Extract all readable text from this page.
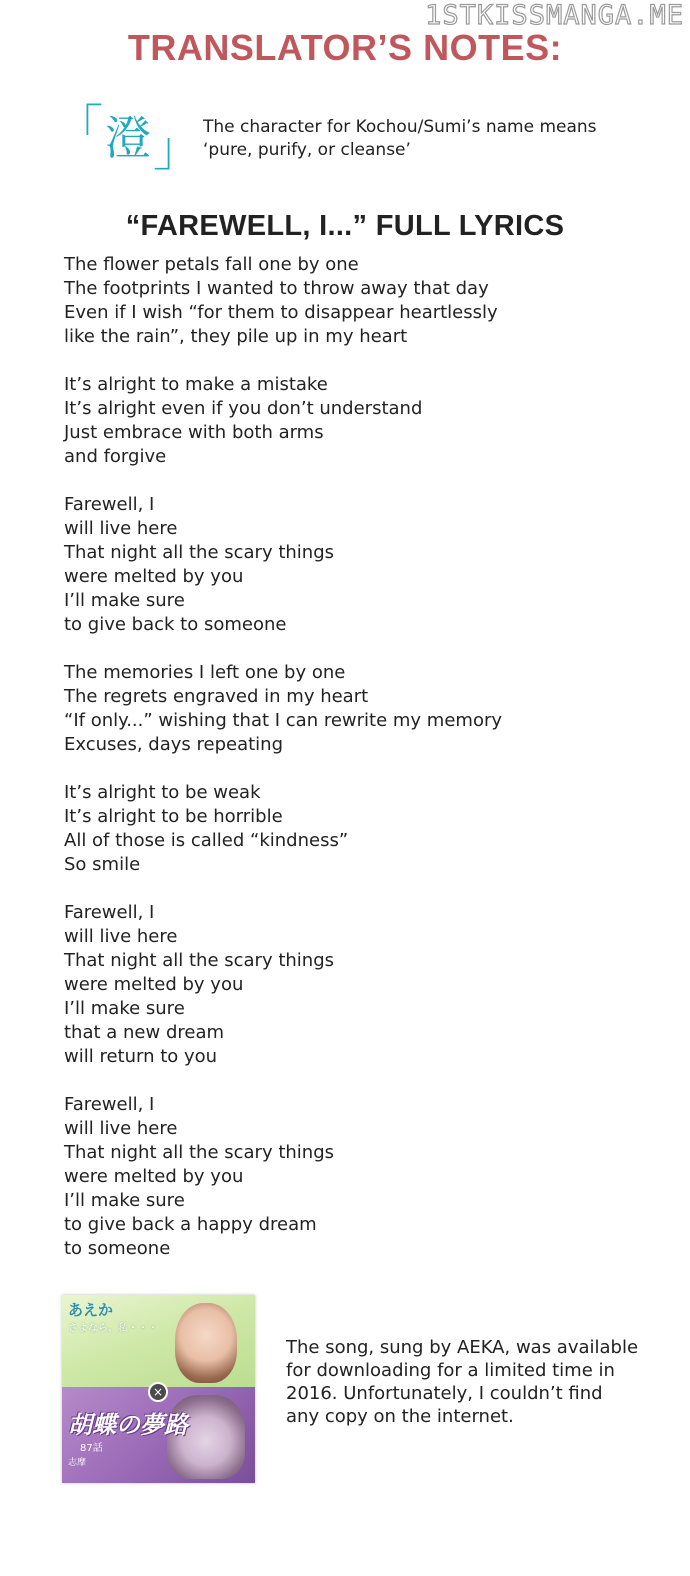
1STKISSMANGA.ME
TRANSLATOR’S NOTES:
「 澄 」 The character for Kochou/Sumi’s name means
‘pure, purify, or cleanse’
“FAREWELL, I...” FULL LYRICS
The flower petals fall one by one
The footprints I wanted to throw away that day
Even if I wish “for them to disappear heartlessly
like the rain”, they pile up in my heart
It’s alright to make a mistake
It’s alright even if you don’t understand
Just embrace with both arms
and forgive
Farewell, I
will live here
That night all the scary things
were melted by you
I’ll make sure
to give back to someone
The memories I left one by one
The regrets engraved in my heart
“If only...” wishing that I can rewrite my memory
Excuses, days repeating
It’s alright to be weak
It’s alright to be horrible
All of those is called “kindness”
So smile
Farewell, I
will live here
That night all the scary things
were melted by you
I’ll make sure
that a new dream
will return to you
Farewell, I
will live here
That night all the scary things
were melted by you
I’ll make sure
to give back a happy dream
to someone
あえか
さよなら、私・・・
胡蝶の夢路
87話
志摩
×
The song, sung by AEKA, was available
for downloading for a limited time in
2016. Unfortunately, I couldn’t find
any copy on the internet.
